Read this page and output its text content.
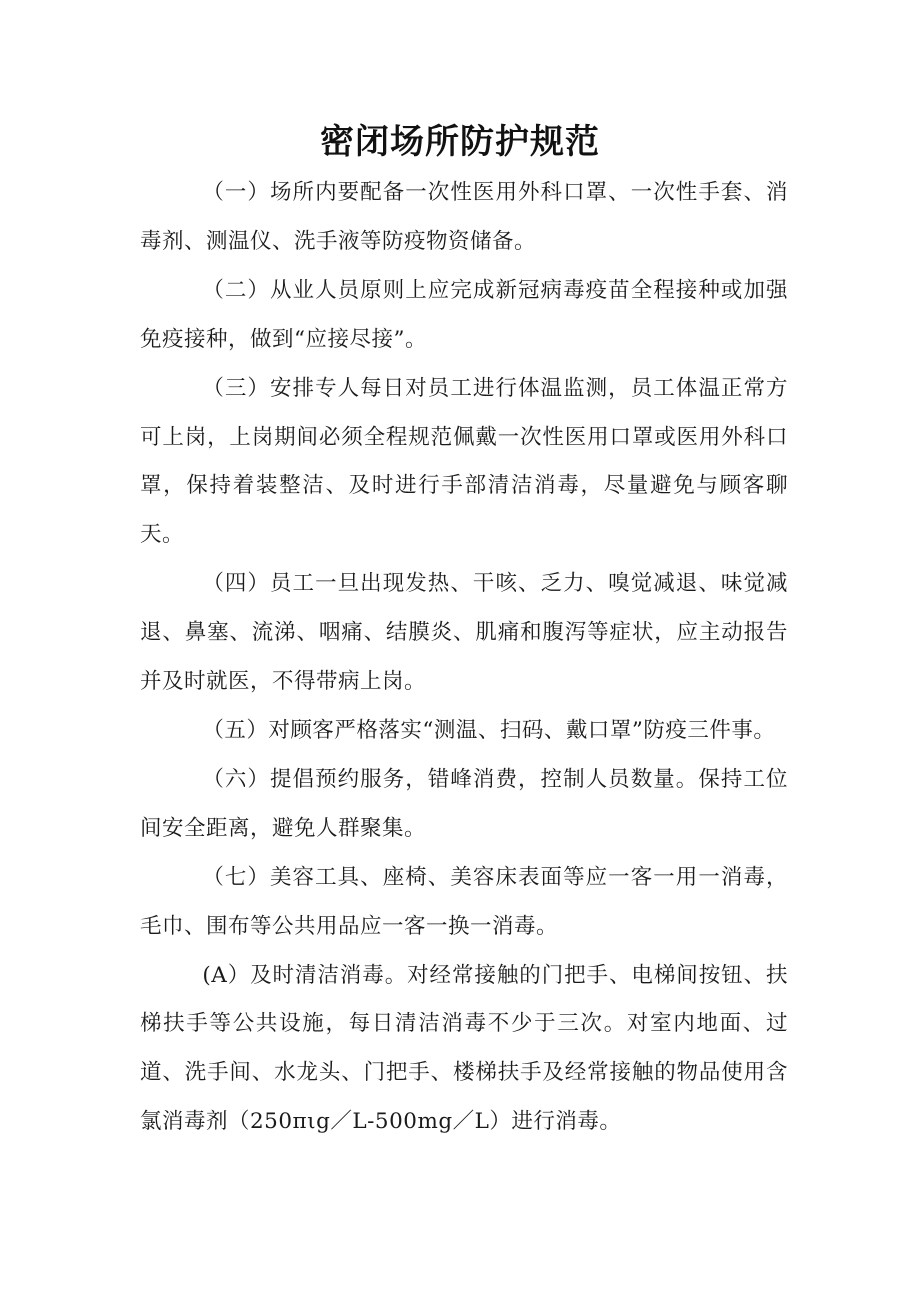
密闭场所防护规范

（一）场所内要配备一次性医用外科口罩、一次性手套、消毒剂、测温仪、洗手液等防疫物资储备。

（二）从业人员原则上应完成新冠病毒疫苗全程接种或加强免疫接种，做到“应接尽接”。

（三）安排专人每日对员工进行体温监测，员工体温正常方可上岗，上岗期间必须全程规范佩戴一次性医用口罩或医用外科口罩，保持着装整洁、及时进行手部清洁消毒，尽量避免与顾客聊天。

（四）员工一旦出现发热、干咳、乏力、嗅觉减退、味觉减退、鼻塞、流涕、咽痛、结膜炎、肌痛和腹泻等症状，应主动报告并及时就医，不得带病上岗。

（五）对顾客严格落实“测温、扫码、戴口罩”防疫三件事。

（六）提倡预约服务，错峰消费，控制人员数量。保持工位间安全距离，避免人群聚集。

（七）美容工具、座椅、美容床表面等应一客一用一消毒，毛巾、围布等公共用品应一客一换一消毒。

(A）及时清洁消毒。对经常接触的门把手、电梯间按钮、扶梯扶手等公共设施，每日清洁消毒不少于三次。对室内地面、过道、洗手间、水龙头、门把手、楼梯扶手及经常接触的物品使用含氯消毒剂（250πιg／L-500mg／L）进行消毒。
